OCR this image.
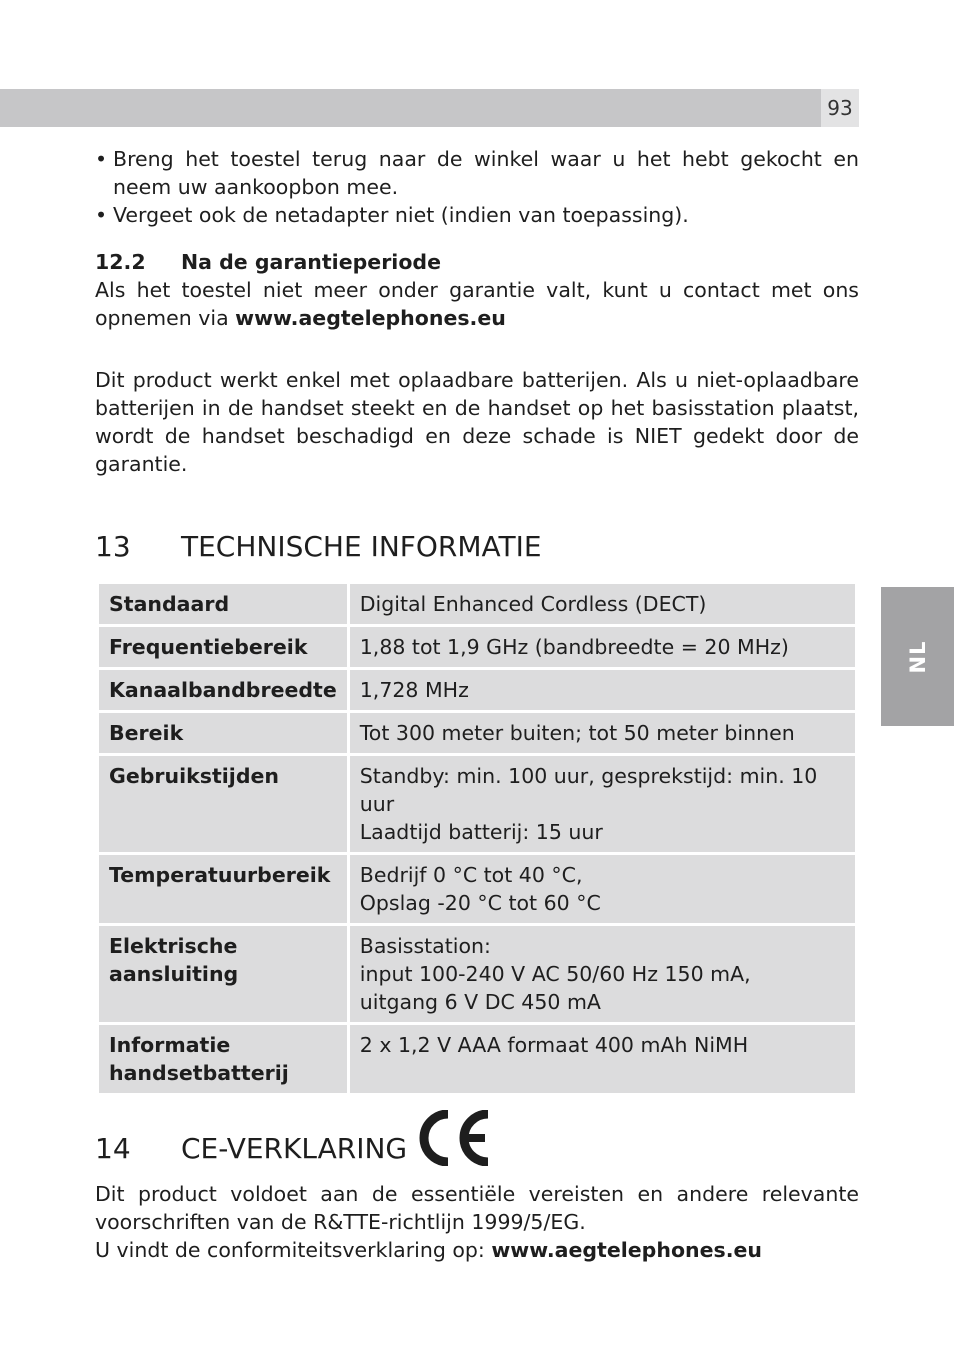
93
NL
• Breng het toestel terug naar de winkel waar u het hebt gekocht en neem uw aankoopbon mee.
• Vergeet ook de netadapter niet (indien van toepassing).
12.2	Na de garantieperiode

Als het toestel niet meer onder garantie valt, kunt u contact met ons opnemen via www.aegtelephones.eu

Dit product werkt enkel met oplaadbare batterijen. Als u niet-oplaadbare batterijen in de handset steekt en de handset op het basisstation plaatst, wordt de handset beschadigd en deze schade is NIET gedekt door de garantie.

13	TECHNISCHE INFORMATIE
Standaard	Digital Enhanced Cordless (DECT)
Frequentiebereik	1,88 tot 1,9 GHz (bandbreedte = 20 MHz)
Kanaalbandbreedte	1,728 MHz
Bereik	Tot 300 meter buiten; tot 50 meter binnen
Gebruikstijden	Standby: min. 100 uur, gesprekstijd: min. 10 uur
Laadtijd batterij: 15 uur
Temperatuurbereik	Bedrijf 0 °C tot 40 °C,
Opslag -20 °C tot 60 °C
Elektrische
aansluiting	Basisstation:
input 100-240 V AC 50/60 Hz 150 mA,
uitgang 6 V DC 450 mA
Informatie
handsetbatterij	2 x 1,2 V AAA formaat 400 mAh NiMH
14	CE-VERKLARING

Dit product voldoet aan de essentiële vereisten en andere relevante voorschriften van de R&TTE-richtlijn 1999/5/EG.

U vindt de conformiteitsverklaring op: www.aegtelephones.eu
